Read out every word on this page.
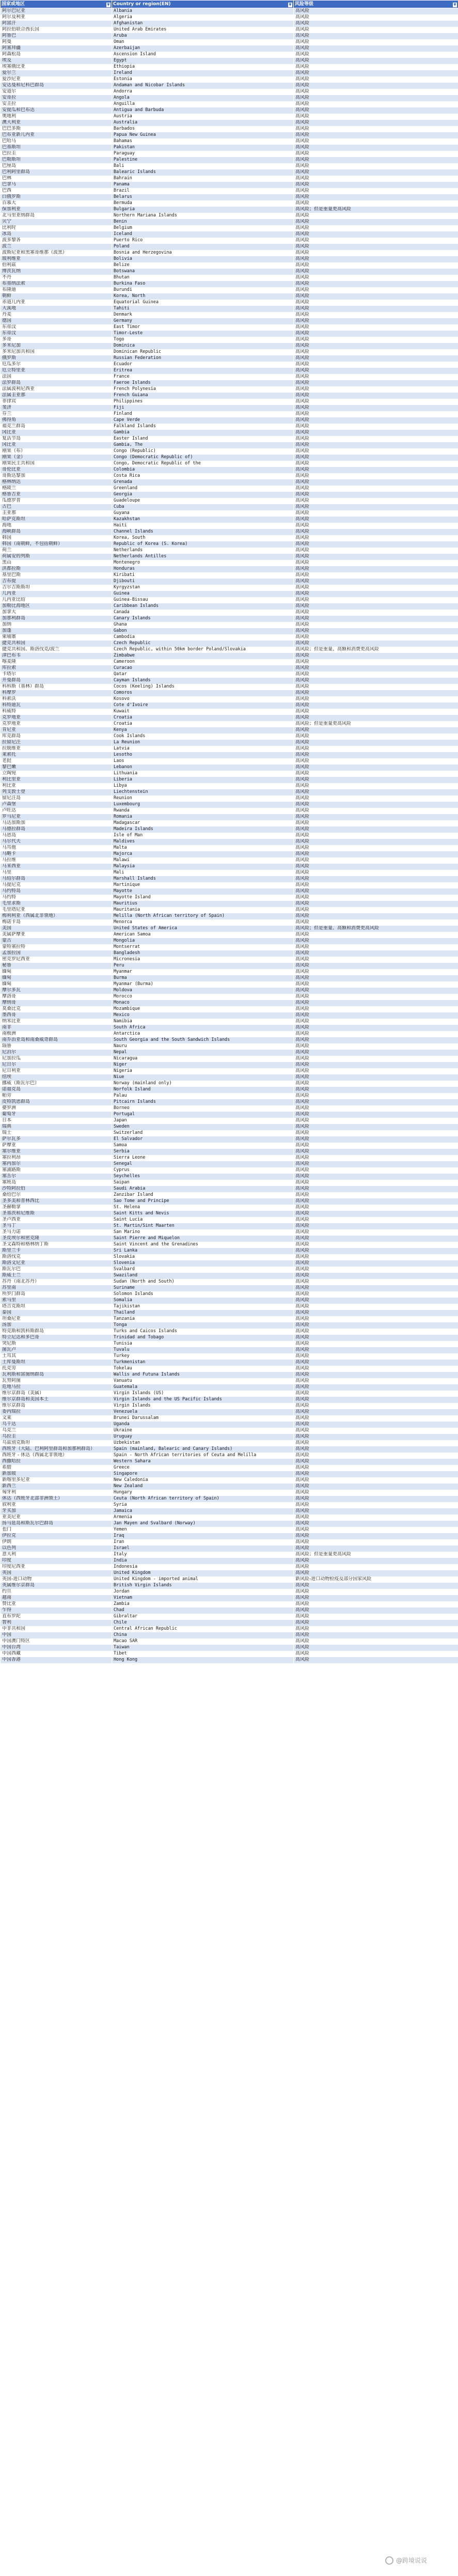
国家或地区 ▼	Country or region(EN) ▼	风险等级 ▼

阿尔巴尼亚	Albania	高风险
阿尔及利亚	Algeria	高风险
阿富汗	Afghanistan	高风险
阿拉伯联合酋长国	United Arab Emirates	高风险
阿鲁巴	Aruba	高风险
阿曼	Oman	高风险
阿塞拜疆	Azerbaijan	高风险
阿森松岛	Ascension Island	高风险
埃及	Egypt	高风险
埃塞俄比亚	Ethiopia	高风险
爱尔兰	Ireland	高风险
爱沙尼亚	Estonia	高风险
安达曼和尼科巴群岛	Andaman and Nicobar Islands	高风险
安道尔	Andorra	高风险
安哥拉	Angola	高风险
安圭拉	Anguilla	高风险
安提瓜和巴布达	Antigua and Barbuda	高风险
奥地利	Austria	高风险
澳大利亚	Australia	高风险
巴巴多斯	Barbados	高风险
巴布亚新几内亚	Papua New Guinea	高风险
巴哈马	Bahamas	高风险
巴基斯坦	Pakistan	高风险
巴拉圭	Paraguay	高风险
巴勒斯坦	Palestine	高风险
巴厘岛	Bali	高风险
巴利阿里群岛	Balearic Islands	高风险
巴林	Bahrain	高风险
巴拿马	Panama	高风险
巴西	Brazil	高风险
白俄罗斯	Belarus	高风险
百慕大	Bermuda	高风险
保加利亚	Bulgaria	高风险；但是重量更高风险
北马里亚纳群岛	Northern Mariana Islands	高风险
贝宁	Benin	高风险
比利时	Belgium	高风险
冰岛	Iceland	高风险
波多黎各	Puerto Rico	高风险
波兰	Poland	高风险
波斯尼亚和黑塞哥维那（波黑）	Bosnia and Herzegovina	高风险
玻利维亚	Bolivia	高风险
伯利兹	Belize	高风险
博茨瓦纳	Botswana	高风险
不丹	Bhutan	高风险
布基纳法索	Burkina Faso	高风险
布隆迪	Burundi	高风险
朝鲜	Korea, North	高风险
赤道几内亚	Equatorial Guinea	高风险
大溪地	Tahiti	高风险
丹麦	Denmark	高风险
德国	Germany	高风险
东帝汶	East Timor	高风险
东帝汶	Timor-Leste	高风险
多哥	Togo	高风险
多米尼加	Dominica	高风险
多米尼加共和国	Dominican Republic	高风险
俄罗斯	Russian Federation	高风险
厄瓜多尔	Ecuador	高风险
厄立特里亚	Eritrea	高风险
法国	France	高风险
法罗群岛	Faeroe Islands	高风险
法属波利尼西亚	French Polynesia	高风险
法属圭亚那	French Guiana	高风险
菲律宾	Philippines	高风险
斐济	Fiji	高风险
芬兰	Finland	高风险
佛得角	Cape Verde	高风险
福克兰群岛	Falkland Islands	高风险
冈比亚	Gambia	高风险
复活节岛	Easter Island	高风险
冈比亚	Gambia, The	高风险
刚果（布）	Congo (Republic)	高风险
刚果（金）	Congo (Democratic Republic of)	高风险
刚果民主共和国	Congo, Democratic Republic of the	高风险
哥伦比亚	Colombia	高风险
哥斯达黎加	Costa Rica	高风险
格林纳达	Grenada	高风险
格陵兰	Greenland	高风险
格鲁吉亚	Georgia	高风险
瓜德罗普	Guadeloupe	高风险
古巴	Cuba	高风险
圭亚那	Guyana	高风险
哈萨克斯坦	Kazakhstan	高风险
海地	Haiti	高风险
海峡群岛	Channel Islands	高风险
韩国	Korea, South	高风险
韩国（南朝鲜，不包括朝鲜）	Republic of Korea (S. Korea)	高风险
荷兰	Netherlands	高风险
荷属安的列斯	Netherlands Antilles	高风险
黑山	Montenegro	高风险
洪都拉斯	Honduras	高风险
基里巴斯	Kiribati	高风险
吉布提	Djibouti	高风险
吉尔吉斯斯坦	Kyrgyzstan	高风险
几内亚	Guinea	高风险
几内亚比绍	Guinea-Bissau	高风险
加勒比海地区	Caribbean Islands	高风险
加拿大	Canada	高风险
加那利群岛	Canary Islands	高风险
加纳	Ghana	高风险
加蓬	Gabon	高风险
柬埔寨	Cambodia	高风险
捷克共和国	Czech Republic	高风险
捷克共和国、斯洛伐克/波兰	Czech Republic, within 50km border Poland/Slovakia	高风险；但是重量、高额和消费更高风险
津巴布韦	Zimbabwe	高风险
喀麦隆	Cameroon	高风险
库拉索	Curacao	高风险
卡塔尔	Qatar	高风险
开曼群岛	Cayman Islands	高风险
科科斯（基林）群岛	Cocos (Keeling) Islands	高风险
科摩罗	Comoros	高风险
科索沃	Kosovo	高风险
科特迪瓦	Cote d'Ivoire	高风险
科威特	Kuwait	高风险
克罗地亚	Croatia	高风险
克罗地亚	Croatia	高风险；但是重量更高风险
肯尼亚	Kenya	高风险
库克群岛	Cook Islands	高风险
拉留尼汪	La Reunion	高风险
拉脱维亚	Latvia	高风险
莱索托	Lesotho	高风险
老挝	Laos	高风险
黎巴嫩	Lebanon	高风险
立陶宛	Lithuania	高风险
利比里亚	Liberia	高风险
利比亚	Libya	高风险
列支敦士登	Liechtenstein	高风险
留尼汪岛	Reunion	高风险
卢森堡	Luxembourg	高风险
卢旺达	Rwanda	高风险
罗马尼亚	Romania	高风险
马达加斯加	Madagascar	高风险
马德拉群岛	Madeira Islands	高风险
马恩岛	Isle of Man	高风险
马尔代夫	Maldives	高风险
马耳他	Malta	高风险
马略卡	Majorca	高风险
马拉维	Malawi	高风险
马来西亚	Malaysia	高风险
马里	Mali	高风险
马绍尔群岛	Marshall Islands	高风险
马提尼克	Martinique	高风险
马约特岛	Mayotte	高风险
马约特	Mayotte Island	高风险
毛里求斯	Mauritius	高风险
毛里塔尼亚	Mauritania	高风险
梅利利亚（西属北非领地）	Melilla (North African territory of Spain)	高风险
梅诺卡岛	Menorca	高风险
美国	United States of America	高风险；但是重量、高额和消费更高风险
美属萨摩亚	American Samoa	高风险
蒙古	Mongolia	高风险
蒙特塞拉特	Montserrat	高风险
孟加拉国	Bangladesh	高风险
密克罗尼西亚	Micronesia	高风险
秘鲁	Peru	高风险
缅甸	Myanmar	高风险
缅甸	Burma	高风险
缅甸	Myanmar (Burma)	高风险
摩尔多瓦	Moldova	高风险
摩洛哥	Morocco	高风险
摩纳哥	Monaco	高风险
莫桑比克	Mozambique	高风险
墨西哥	Mexico	高风险
纳米比亚	Namibia	高风险
南非	South Africa	高风险
南极洲	Antarctica	高风险
南乔治亚岛和南桑威奇群岛	South Georgia and the South Sandwich Islands	高风险
瑙鲁	Nauru	高风险
尼泊尔	Nepal	高风险
尼加拉瓜	Nicaragua	高风险
尼日尔	Niger	高风险
尼日利亚	Nigeria	高风险
纽埃	Niue	高风险
挪威（斯瓦尔巴）	Norway (mainland only)	高风险
诺福克岛	Norfolk Island	高风险
帕劳	Palau	高风险
皮特凯恩群岛	Pitcairn Islands	高风险
婆罗洲	Borneo	高风险
葡萄牙	Portugal	高风险
日本	Japan	高风险
瑞典	Sweden	高风险
瑞士	Switzerland	高风险
萨尔瓦多	El Salvador	高风险
萨摩亚	Samoa	高风险
塞尔维亚	Serbia	高风险
塞拉利昂	Sierra Leone	高风险
塞内加尔	Senegal	高风险
塞浦路斯	Cyprus	高风险
塞舌尔	Seychelles	高风险
塞班岛	Saipan	高风险
沙特阿拉伯	Saudi Arabia	高风险
桑给巴尔	Zanzibar Island	高风险
圣多美和普林西比	Sao Tome and Principe	高风险
圣赫勒拿	St. Helena	高风险
圣基茨和尼维斯	Saint Kitts and Nevis	高风险
圣卢西亚	Saint Lucia	高风险
圣马丁	St. Martin/Sint Maarten	高风险
圣马力诺	San Marino	高风险
圣皮埃尔和密克隆	Saint Pierre and Miquelon	高风险
圣文森特和格林纳丁斯	Saint Vincent and the Grenadines	高风险
斯里兰卡	Sri Lanka	高风险
斯洛伐克	Slovakia	高风险
斯洛文尼亚	Slovenia	高风险
斯瓦尔巴	Svalbard	高风险
斯威士兰	Swaziland	高风险
苏丹（南北苏丹）	Sudan (North and South)	高风险
苏里南	Suriname	高风险
所罗门群岛	Solomon Islands	高风险
索马里	Somalia	高风险
塔吉克斯坦	Tajikistan	高风险
泰国	Thailand	高风险
坦桑尼亚	Tanzania	高风险
汤加	Tonga	高风险
特克斯和凯科斯群岛	Turks and Caicos Islands	高风险
特立尼达和多巴哥	Trinidad and Tobago	高风险
突尼斯	Tunisia	高风险
图瓦卢	Tuvalu	高风险
土耳其	Turkey	高风险
土库曼斯坦	Turkmenistan	高风险
托克劳	Tokelau	高风险
瓦利斯和富图纳群岛	Wallis and Futuna Islands	高风险
瓦努阿图	Vanuatu	高风险
危地马拉	Guatemala	高风险
维尔京群岛（美属）	Virgin Islands (US)	高风险
维尔京群岛和美国本土	Virgin Islands and the US Pacific Islands	高风险
维尔京群岛	Virgin Islands	高风险
委内瑞拉	Venezuela	高风险
文莱	Brunei Darussalam	高风险
乌干达	Uganda	高风险
乌克兰	Ukraine	高风险
乌拉圭	Uruguay	高风险
乌兹别克斯坦	Uzbekistan	高风险
西班牙（大陆、巴利阿里群岛和加那利群岛）	Spain (mainland, Balearic and Canary Islands)	高风险
西班牙 - 休达（西属北非领地）	Spain - North African territories of Ceuta and Melilla	高风险
西撒哈拉	Western Sahara	高风险
希腊	Greece	高风险
新加坡	Singapore	高风险
新喀里多尼亚	New Caledonia	高风险
新西兰	New Zealand	高风险
匈牙利	Hungary	高风险
休达（西班牙北部非洲领土）	Ceuta (North African territory of Spain)	高风险
叙利亚	Syria	高风险
牙买加	Jamaica	高风险
亚美尼亚	Armenia	高风险
扬马延岛和斯瓦尔巴群岛	Jan Mayen and Svalbard (Norway)	高风险
也门	Yemen	高风险
伊拉克	Iraq	高风险
伊朗	Iran	高风险
以色列	Israel	高风险
意大利	Italy	高风险；但是重量更高风险
印度	India	高风险
印度尼西亚	Indonesia	高风险
英国	United Kingdom	高风险
英国-进口动物	United Kingdom - imported animal	新风险-进口动物检疫及部分国家风险
英属维尔京群岛	British Virgin Islands	高风险
约旦	Jordan	高风险
越南	Vietnam	高风险
赞比亚	Zambia	高风险
乍得	Chad	高风险
直布罗陀	Gibraltar	高风险
智利	Chile	高风险
中非共和国	Central African Republic	高风险
中国	China	高风险
中国澳门特区	Macao SAR	高风险
中国台湾	Taiwan	高风险
中国西藏	Tibet	高风险
中国香港	Hong Kong	高风险
@跨境说说
